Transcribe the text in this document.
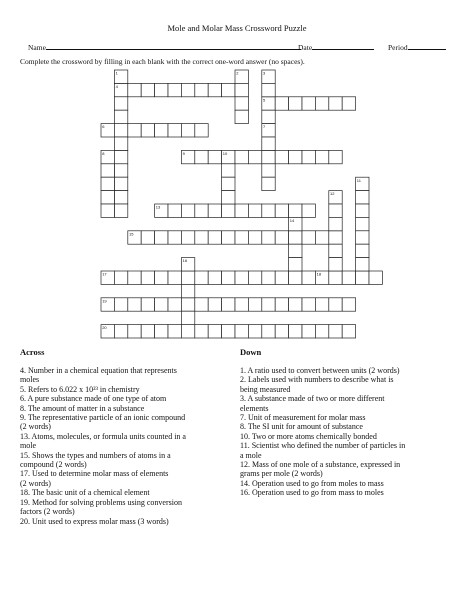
Mole and Molar Mass Crossword Puzzle
Name	Date	Period
Complete the crossword by filling in each blank with the correct one-word answer (no spaces).
1	2	3
4
5
6	7
8	9	10
11
12
13
14
15
16
17	18
19
20
Across	Down
4. Number in a chemical equation that represents
moles
5. Refers to 6.022 x 10²³ in chemistry
6. A pure substance made of one type of atom
8. The amount of matter in a substance
9. The representative particle of an ionic compound
(2 words)
13. Atoms, molecules, or formula units counted in a
mole
15. Shows the types and numbers of atoms in a
compound (2 words)
17. Used to determine molar mass of elements
(2 words)
18. The basic unit of a chemical element
19. Method for solving problems using conversion
factors (2 words)
20. Unit used to express molar mass (3 words)
1. A ratio used to convert between units (2 words)
2. Labels used with numbers to describe what is
being measured
3. A substance made of two or more different
elements
7. Unit of measurement for molar mass
8. The SI unit for amount of substance
10. Two or more atoms chemically bonded
11. Scientist who defined the number of particles in
a mole
12. Mass of one mole of a substance, expressed in
grams per mole (2 words)
14. Operation used to go from moles to mass
16. Operation used to go from mass to moles
